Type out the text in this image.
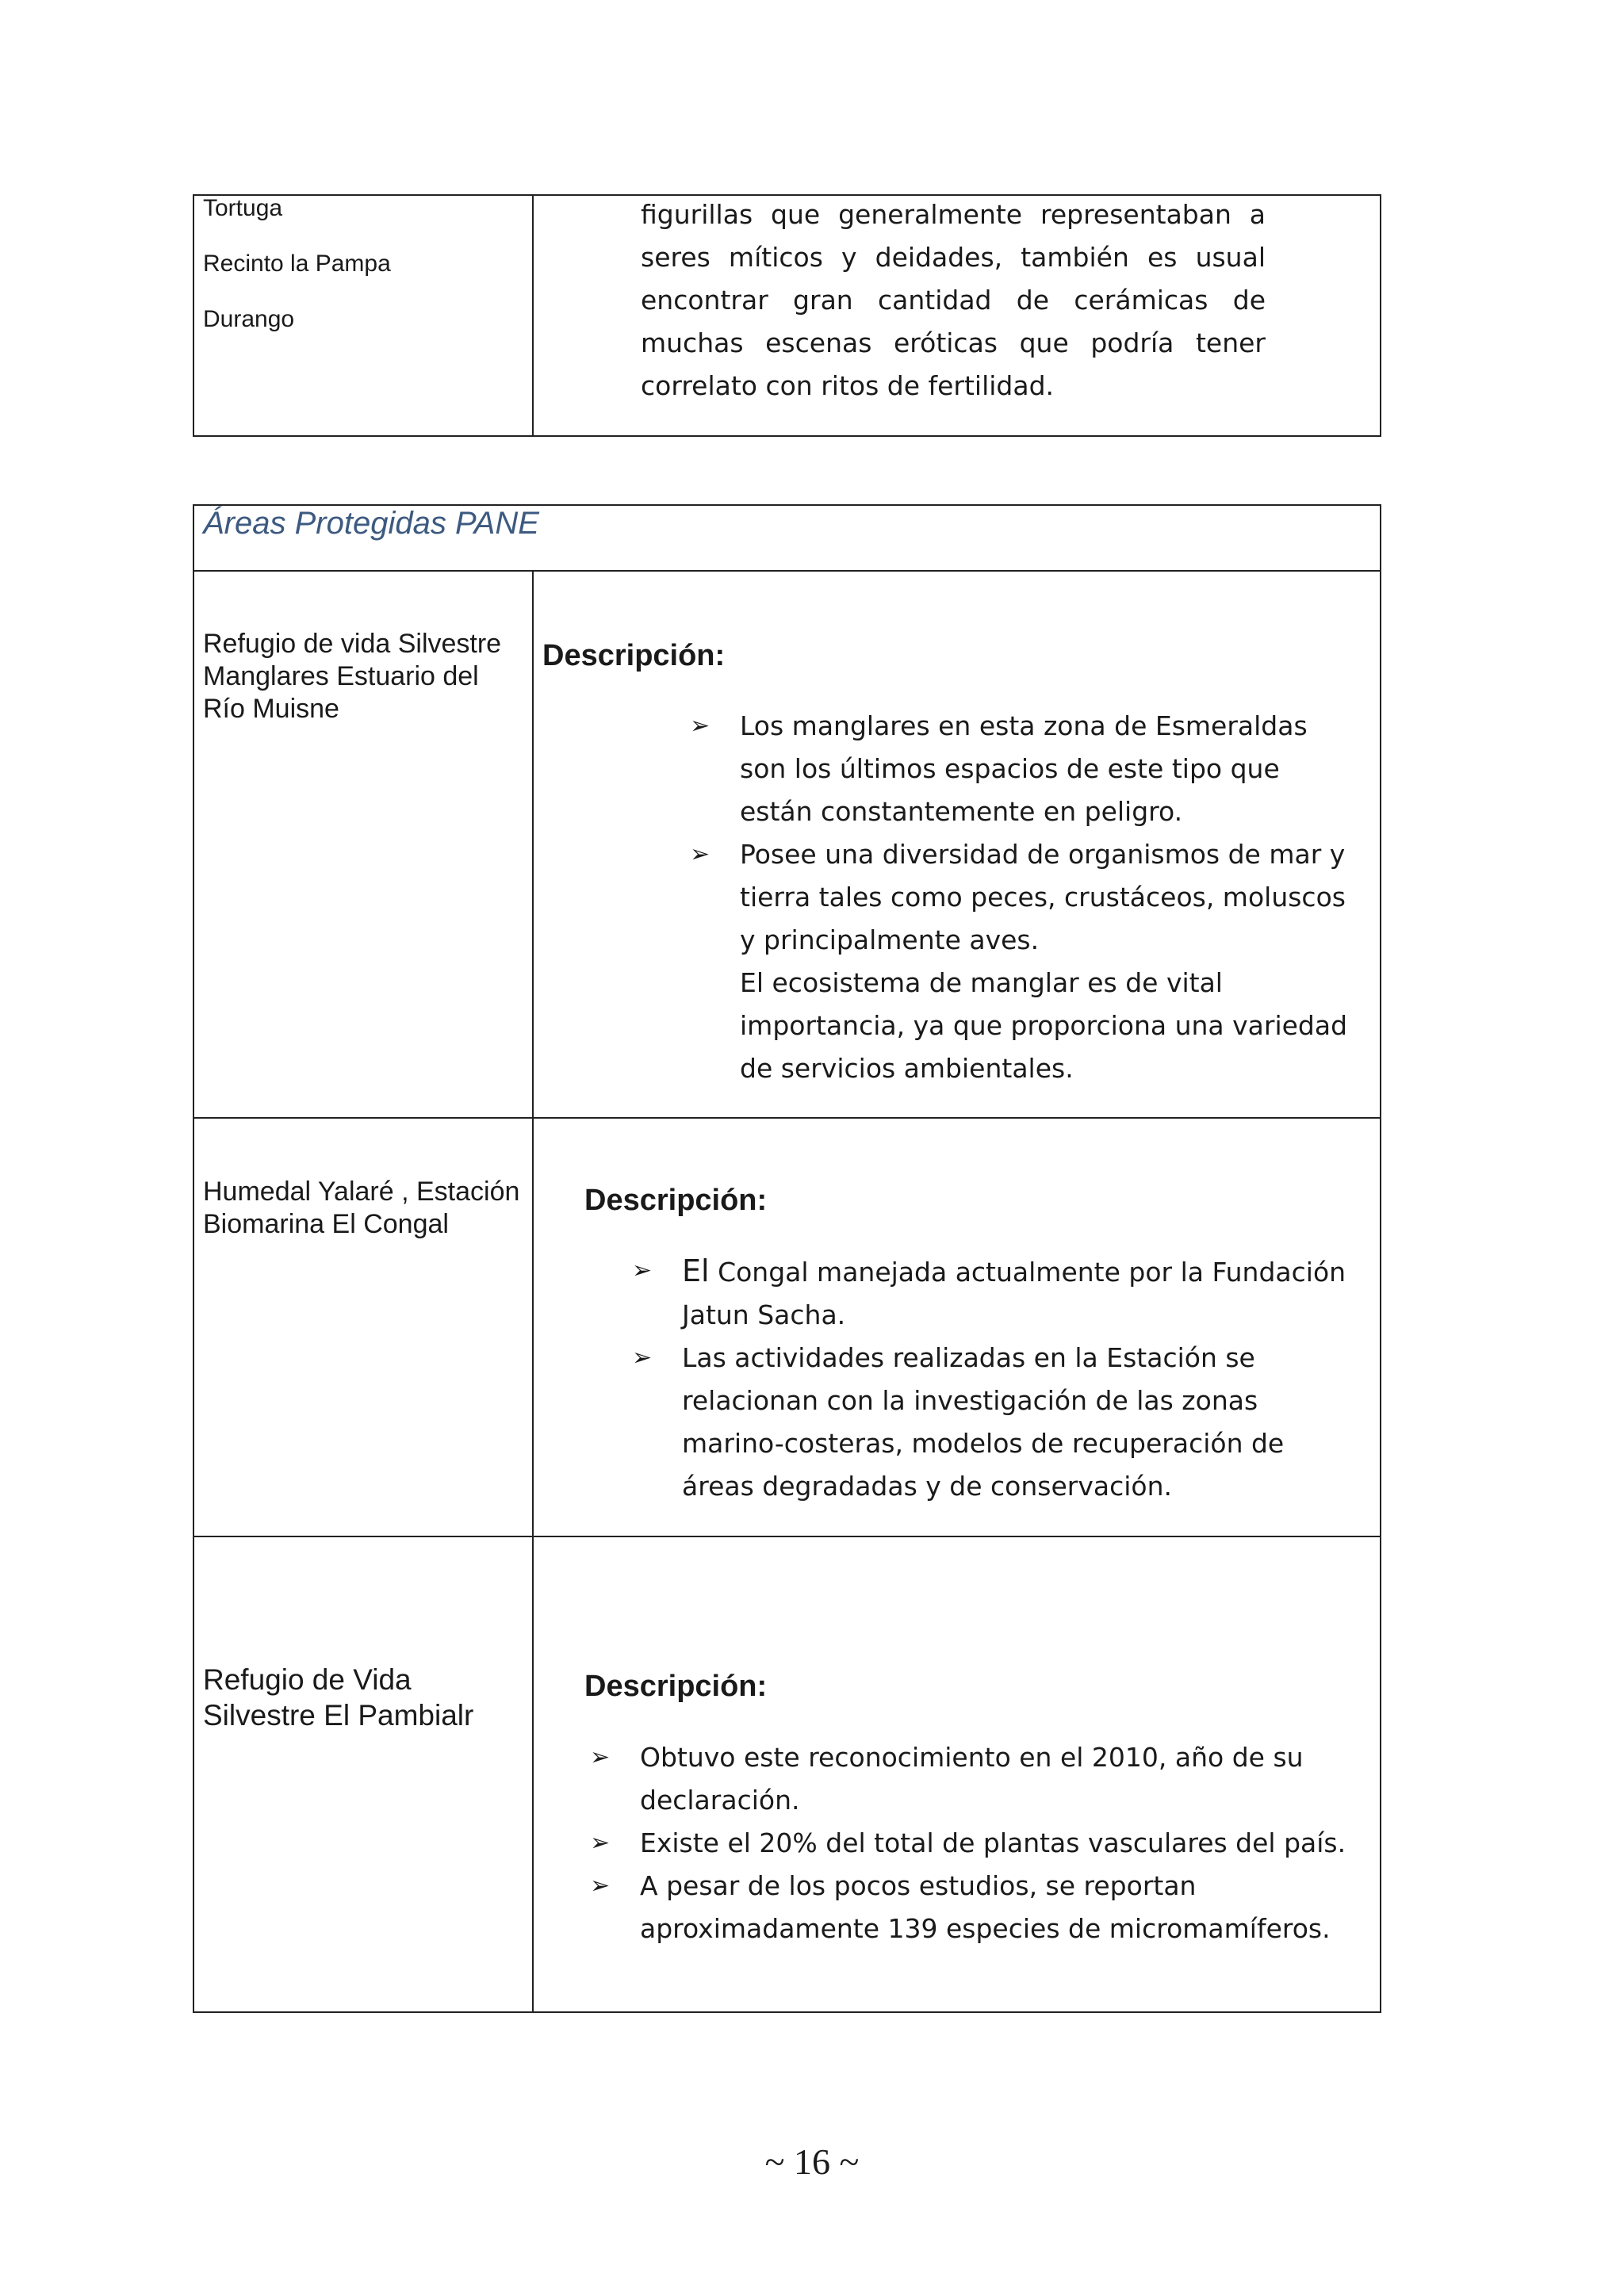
Tortuga

Recinto la Pampa

Durango

figurillas que generalmente representaban a seres míticos y deidades, también es usual encontrar gran cantidad de cerámicas de muchas escenas eróticas que podría tener correlato con ritos de fertilidad.

Áreas Protegidas PANE
Refugio de vida Silvestre Manglares Estuario del Río Muisne
Descripción:
➢ Los manglares en esta zona de Esmeraldas son los últimos espacios de este tipo que están constantemente en peligro.
➢ Posee una diversidad de organismos de mar y tierra tales como peces, crustáceos, moluscos y principalmente aves.
El ecosistema de manglar es de vital importancia, ya que proporciona una variedad de servicios ambientales.
Humedal Yalaré , Estación Biomarina El Congal
Descripción:
➢ El Congal manejada actualmente por la Fundación Jatun Sacha.
➢ Las actividades realizadas en la Estación se relacionan con la investigación de las zonas marino-costeras, modelos de recuperación de áreas degradadas y de conservación.
Refugio de Vida Silvestre El Pambialr
Descripción:
➢ Obtuvo este reconocimiento en el 2010, año de su declaración.
➢ Existe el 20% del total de plantas vasculares del país.
➢ A pesar de los pocos estudios, se reportan aproximadamente 139 especies de micromamíferos.
~ 16 ~
